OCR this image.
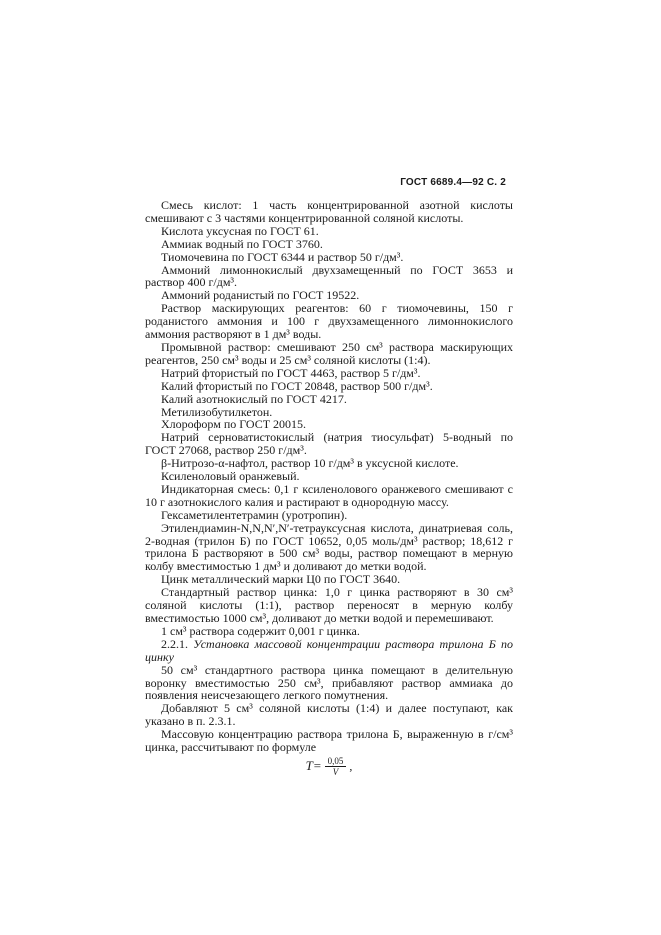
ГОСТ 6689.4—92 С. 2

Смесь кислот: 1 часть концентрированной азотной кислоты смешивают с 3 частями концентрированной соляной кислоты.

Кислота уксусная по ГОСТ 61.

Аммиак водный по ГОСТ 3760.

Тиомочевина по ГОСТ 6344 и раствор 50 г/дм³.

Аммоний лимоннокислый двухзамещенный по ГОСТ 3653 и раствор 400 г/дм³.

Аммоний роданистый по ГОСТ 19522.

Раствор маскирующих реагентов: 60 г тиомочевины, 150 г роданистого аммония и 100 г двухзамещенного лимоннокислого аммония растворяют в 1 дм³ воды.

Промывной раствор: смешивают 250 см³ раствора маскирующих реагентов, 250 см³ воды и 25 см³ соляной кислоты (1:4).

Натрий фтористый по ГОСТ 4463, раствор 5 г/дм³.

Калий фтористый по ГОСТ 20848, раствор 500 г/дм³.

Калий азотнокислый по ГОСТ 4217.

Метилизобутилкетон.

Хлороформ по ГОСТ 20015.

Натрий серноватистокислый (натрия тиосульфат) 5-водный по ГОСТ 27068, раствор 250 г/дм³.

β-Нитрозо-α-нафтол, раствор 10 г/дм³ в уксусной кислоте.

Ксиленоловый оранжевый.

Индикаторная смесь: 0,1 г ксиленолового оранжевого смешивают с 10 г азотнокислого калия и растирают в однородную массу.

Гексаметилентетрамин (уротропин).

Этилендиамин-N,N,N′,N′-тетрауксусная кислота, динатриевая соль, 2-водная (трилон Б) по ГОСТ 10652, 0,05 моль/дм³ раствор; 18,612 г трилона Б растворяют в 500 см³ воды, раствор помещают в мерную колбу вместимостью 1 дм³ и доливают до метки водой.

Цинк металлический марки Ц0 по ГОСТ 3640.

Стандартный раствор цинка: 1,0 г цинка растворяют в 30 см³ соляной кислоты (1:1), раствор переносят в мерную колбу вместимостью 1000 см³, доливают до метки водой и перемешивают.

1 см³ раствора содержит 0,001 г цинка.

2.2.1. Установка массовой концентрации раствора трилона Б по цинку

50 см³ стандартного раствора цинка помещают в делительную воронку вместимостью 250 см³, прибавляют раствор аммиака до появления неисчезающего легкого помутнения.

Добавляют 5 см³ соляной кислоты (1:4) и далее поступают, как указано в п. 2.3.1.

Массовую концентрацию раствора трилона Б, выраженную в г/см³ цинка, рассчитывают по формуле

$T= \frac{0,05}{V}$ ,
